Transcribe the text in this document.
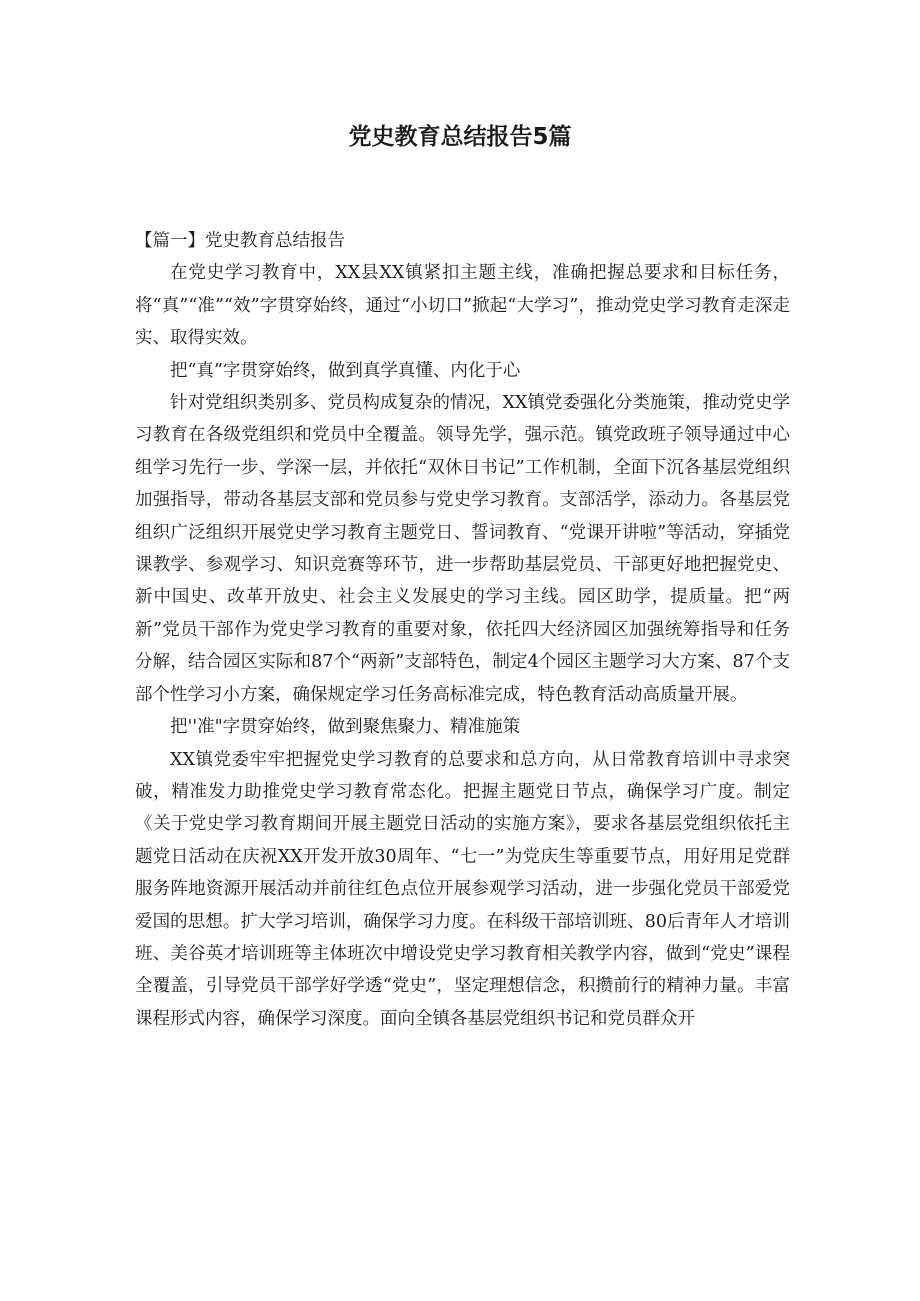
党史教育总结报告5篇

【篇一】党史教育总结报告

在党史学习教育中，XX县XX镇紧扣主题主线，准确把握总要求和目标任务，将“真”“准”“效”字贯穿始终，通过“小切口”掀起“大学习”，推动党史学习教育走深走实、取得实效。

把“真”字贯穿始终，做到真学真懂、内化于心

针对党组织类别多、党员构成复杂的情况，XX镇党委强化分类施策，推动党史学习教育在各级党组织和党员中全覆盖。领导先学，强示范。镇党政班子领导通过中心组学习先行一步、学深一层，并依托“双休日书记”工作机制，全面下沉各基层党组织加强指导，带动各基层支部和党员参与党史学习教育。支部活学，添动力。各基层党组织广泛组织开展党史学习教育主题党日、誓词教育、“党课开讲啦”等活动，穿插党课教学、参观学习、知识竞赛等环节，进一步帮助基层党员、干部更好地把握党史、新中国史、改革开放史、社会主义发展史的学习主线。园区助学，提质量。把“两新”党员干部作为党史学习教育的重要对象，依托四大经济园区加强统筹指导和任务分解，结合园区实际和87个“两新”支部特色，制定4个园区主题学习大方案、87个支部个性学习小方案，确保规定学习任务高标准完成，特色教育活动高质量开展。

把''准"字贯穿始终，做到聚焦聚力、精准施策

XX镇党委牢牢把握党史学习教育的总要求和总方向，从日常教育培训中寻求突破，精准发力助推党史学习教育常态化。把握主题党日节点，确保学习广度。制定《关于党史学习教育期间开展主题党日活动的实施方案》，要求各基层党组织依托主题党日活动在庆祝XX开发开放30周年、“七一”为党庆生等重要节点，用好用足党群服务阵地资源开展活动并前往红色点位开展参观学习活动，进一步强化党员干部爱党爱国的思想。扩大学习培训，确保学习力度。在科级干部培训班、80后青年人才培训班、美谷英才培训班等主体班次中增设党史学习教育相关教学内容，做到“党史”课程全覆盖，引导党员干部学好学透“党史”，坚定理想信念，积攒前行的精神力量。丰富课程形式内容，确保学习深度。面向全镇各基层党组织书记和党员群众开
